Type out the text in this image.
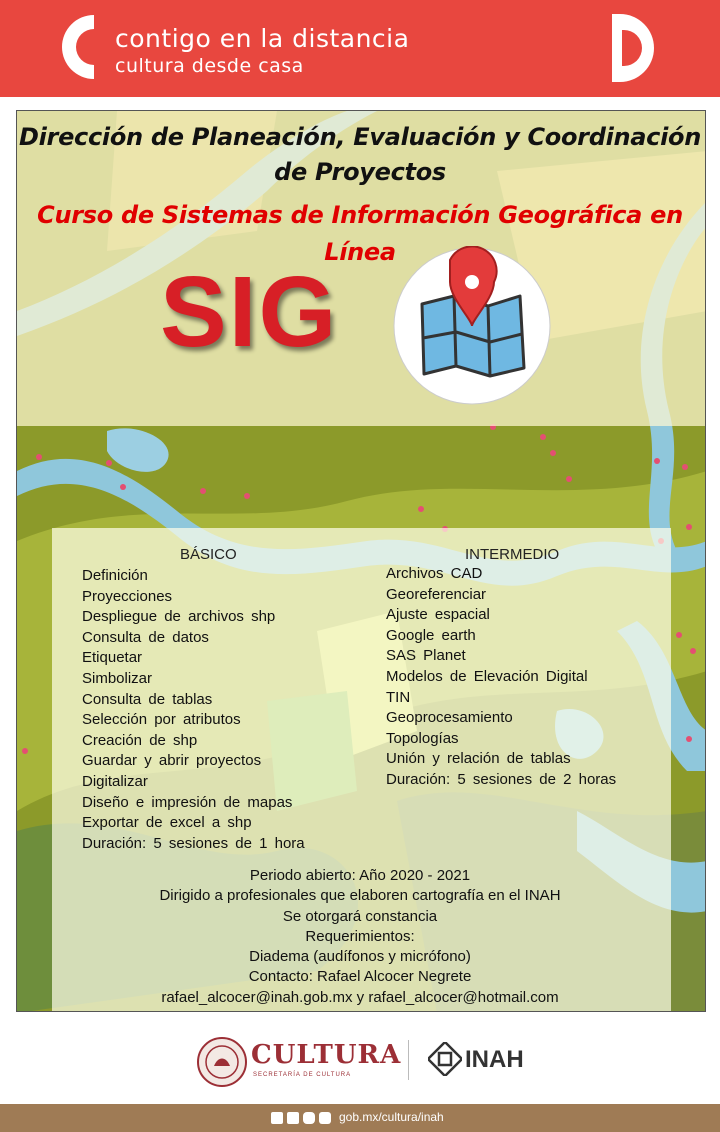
contigo en la distancia
cultura desde casa
Dirección de Planeación, Evaluación y Coordinación
de Proyectos
Curso de Sistemas de Información Geográfica en
Línea
SIG
BÁSICO	INTERMEDIO
Definición
Proyecciones
Despliegue de archivos shp
Consulta de datos
Etiquetar
Simbolizar
Consulta de tablas
Selección por atributos
Creación de shp
Guardar y abrir proyectos
Digitalizar
Diseño e impresión de mapas
Exportar de excel a shp
Duración: 5 sesiones de 1 hora
Archivos CAD
Georeferenciar
Ajuste espacial
Google earth
SAS Planet
Modelos de Elevación Digital
TIN
Geoprocesamiento
Topologías
Unión y relación de tablas
Duración: 5 sesiones de 2 horas
Periodo abierto: Año 2020 - 2021
Dirigido a profesionales que elaboren cartografía en el INAH
Se otorgará constancia
Requerimientos:
Diadema (audífonos y micrófono)
Contacto: Rafael Alcocer Negrete
rafael_alcocer@inah.gob.mx y rafael_alcocer@hotmail.com
CULTURA
SECRETARÍA DE CULTURA
INAH
gob.mx/cultura/inah
